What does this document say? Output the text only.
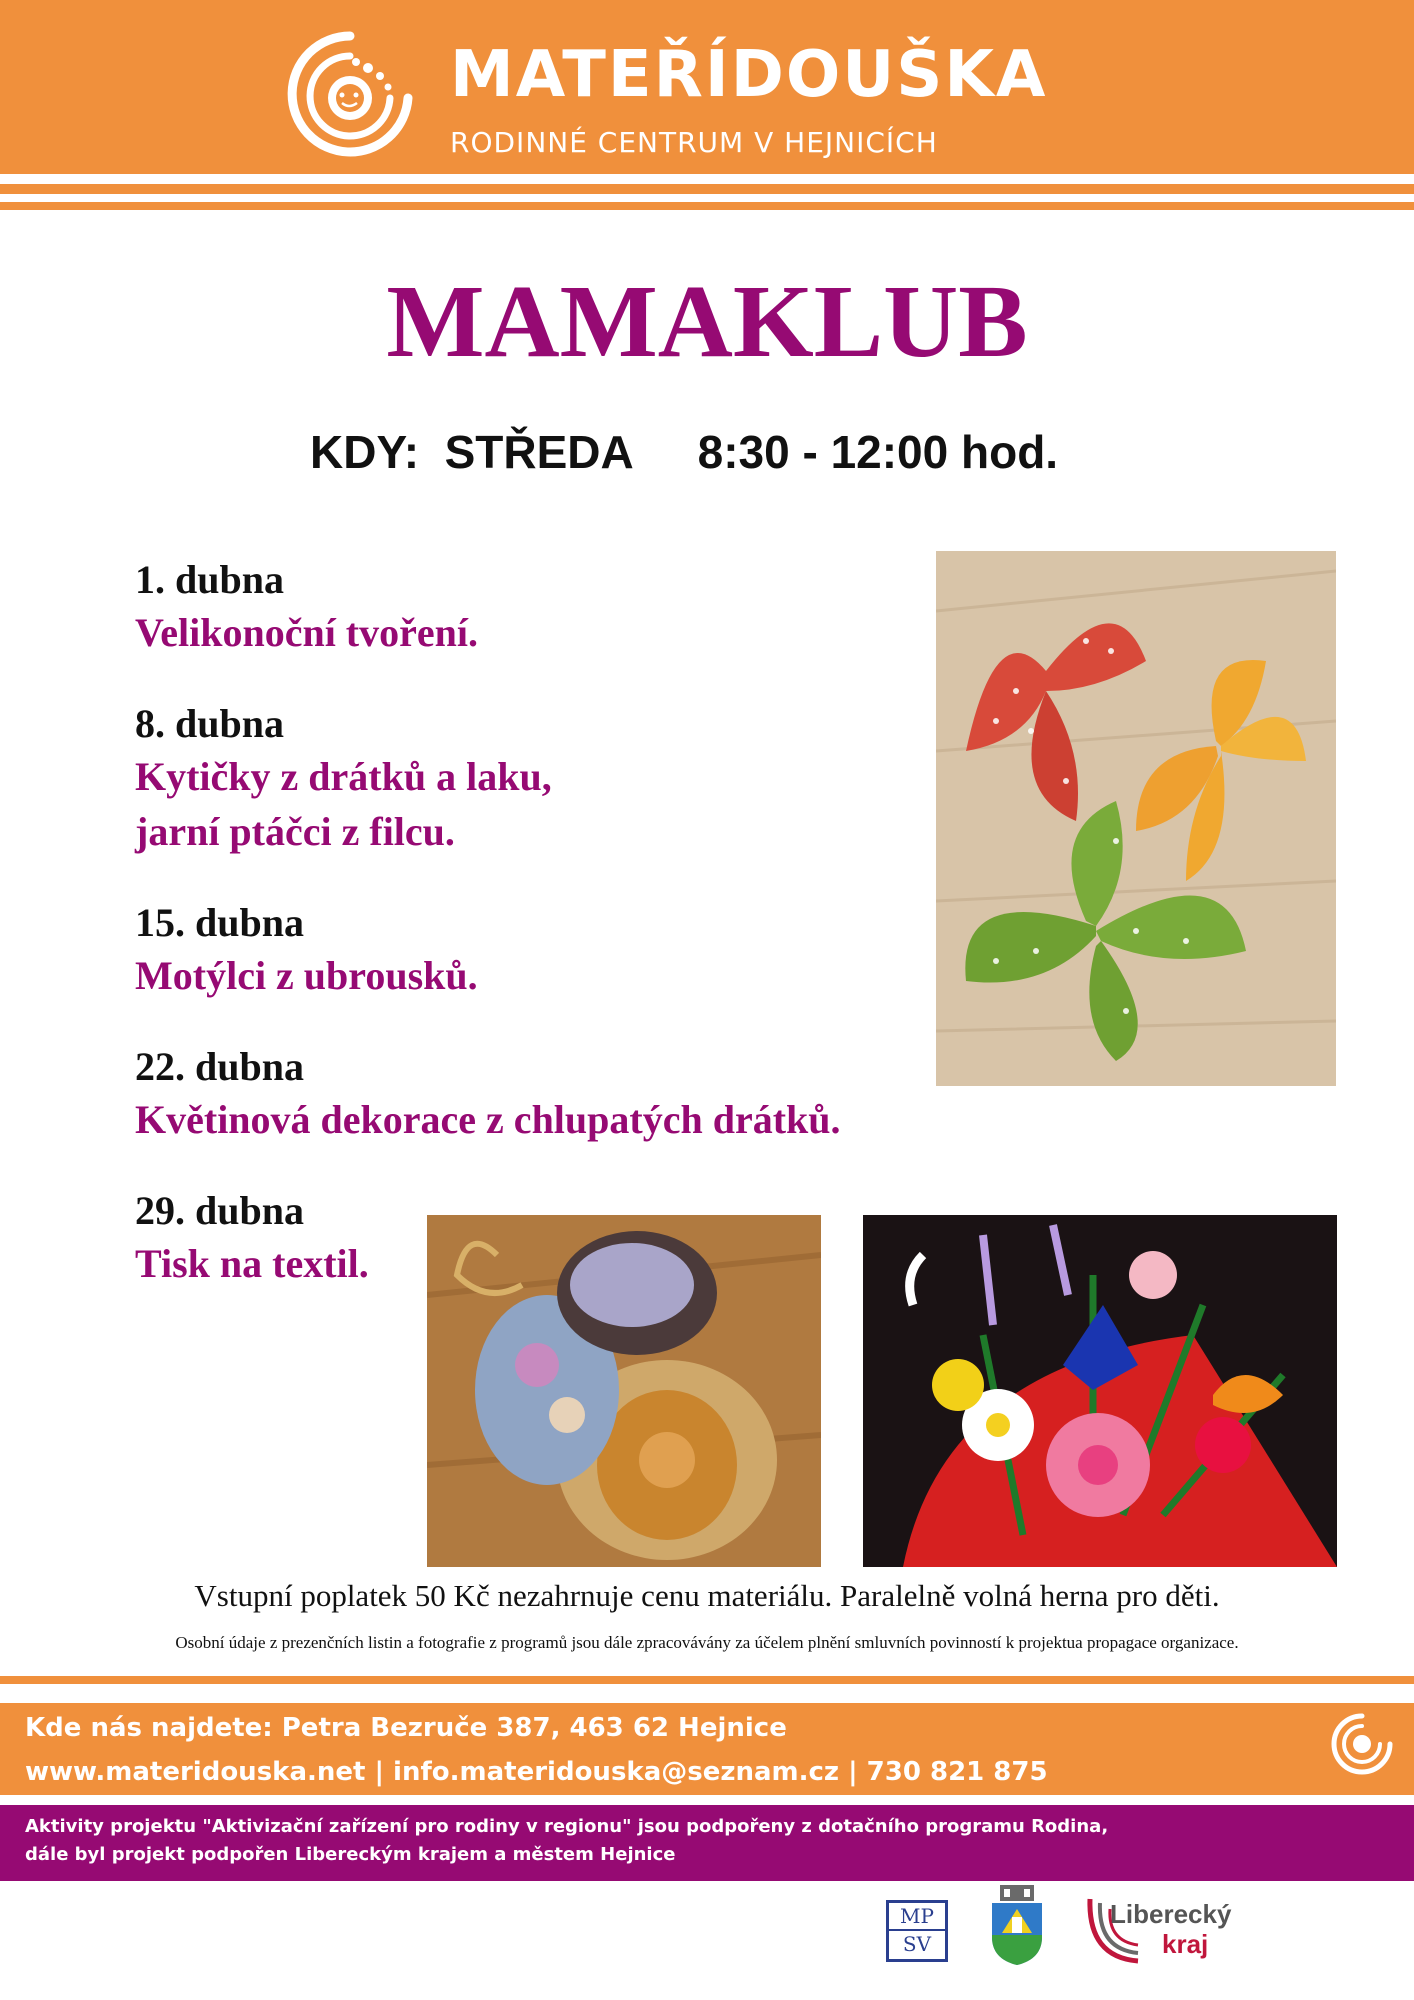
MATEŘÍDOUŠKA
RODINNÉ CENTRUM V HEJNICÍCH
MAMAKLUB
KDY: STŘEDA 8:30 - 12:00 hod.
1. dubna
Velikonoční tvoření.
8. dubna
Kytičky z drátků a laku,
jarní ptáčci z filcu.
15. dubna
Motýlci z ubrousků.
22. dubna
Květinová dekorace z chlupatých drátků.
29. dubna
Tisk na textil.
Vstupní poplatek 50 Kč nezahrnuje cenu materiálu. Paralelně volná herna pro děti.
Osobní údaje z prezenčních listin a fotografie z programů jsou dále zpracovávány za účelem plnění smluvních povinností k projektua propagace organizace.
Kde nás najdete: Petra Bezruče 387, 463 62 Hejnice
www.materidouska.net | info.materidouska@seznam.cz | 730 821 875
Aktivity projektu "Aktivizační zařízení pro rodiny v regionu" jsou podpořeny z dotačního programu Rodina,
dále byl projekt podpořen Libereckým krajem a městem Hejnice
MP
SV
Liberecký
kraj
